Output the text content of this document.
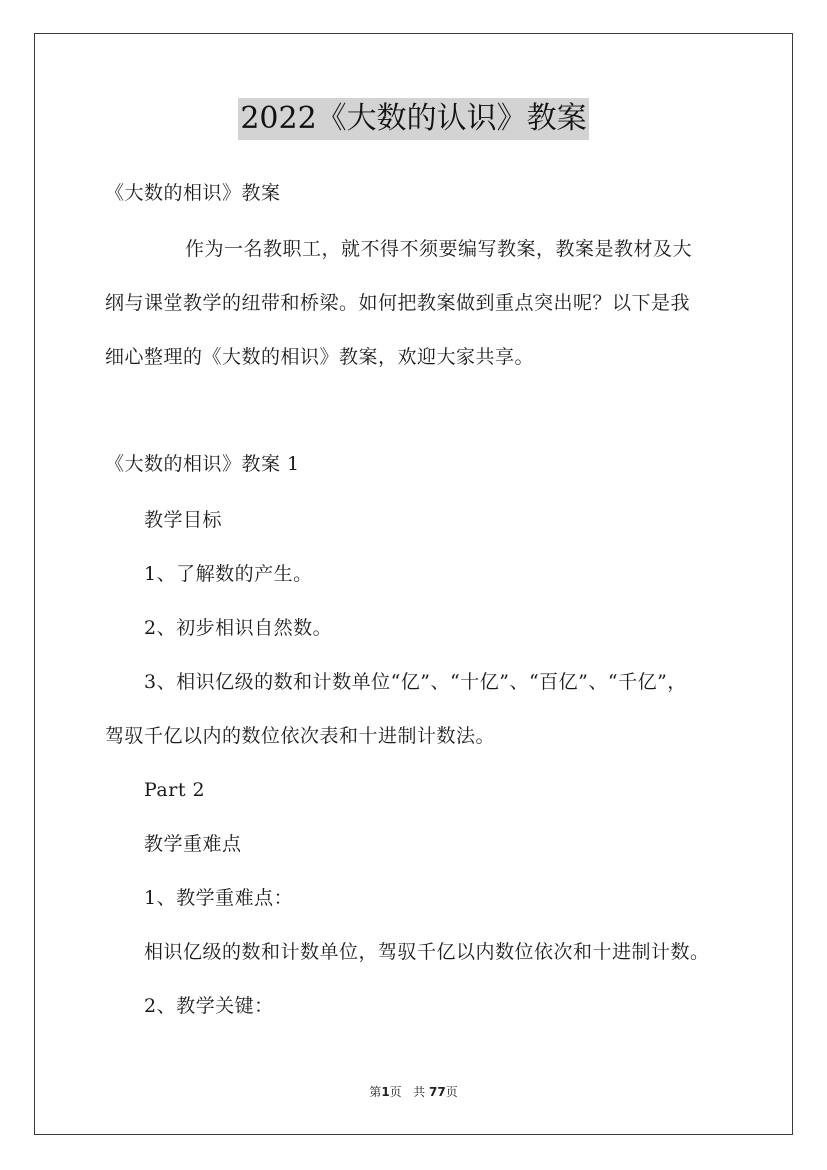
2022《大数的认识》教案
《大数的相识》教案
作为一名教职工，就不得不须要编写教案，教案是教材及大
纲与课堂教学的纽带和桥梁。如何把教案做到重点突出呢？以下是我
细心整理的《大数的相识》教案，欢迎大家共享。
《大数的相识》教案 1
教学目标
1、了解数的产生。
2、初步相识自然数。
3、相识亿级的数和计数单位“亿”、“十亿”、“百亿”、“千亿”，
驾驭千亿以内的数位依次表和十进制计数法。
Part 2
教学重难点
1、教学重难点：
相识亿级的数和计数单位，驾驭千亿以内数位依次和十进制计数。
2、教学关键：
第1页 共 77页
